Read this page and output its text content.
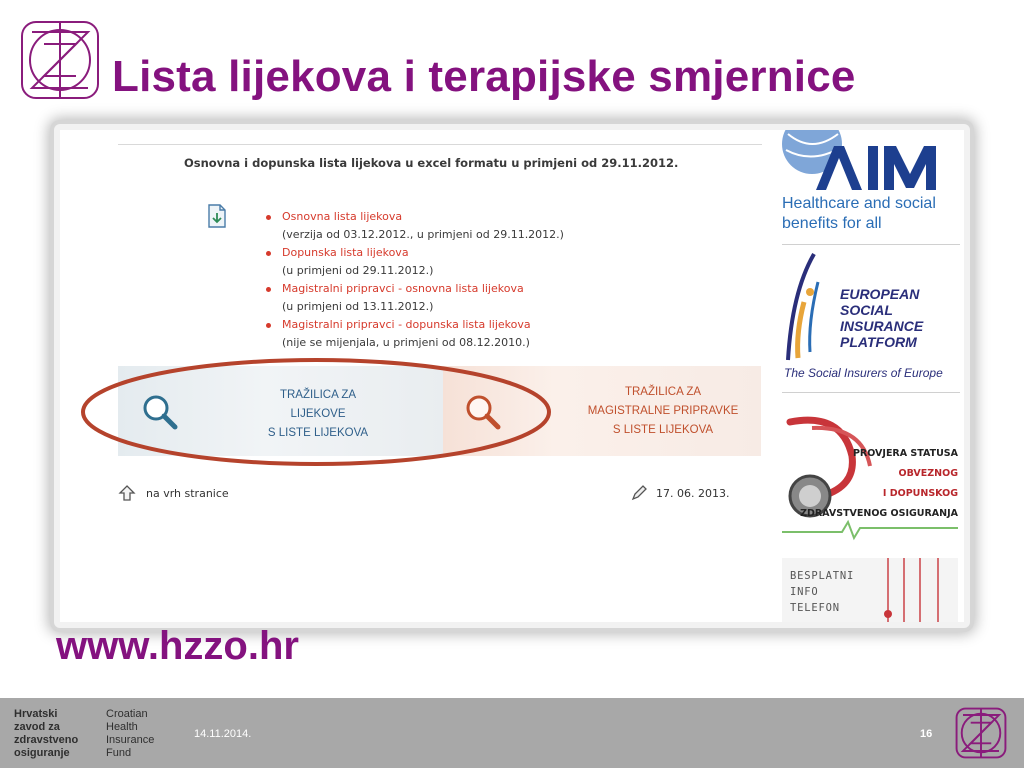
Lista lijekova i terapijske smjernice
Osnovna i dopunska lista lijekova u excel formatu u primjeni od 29.11.2012.
Osnovna lista lijekova
(verzija od 03.12.2012., u primjeni od 29.11.2012.)
Dopunska lista lijekova
(u primjeni od 29.11.2012.)
Magistralni pripravci - osnovna lista lijekova
(u primjeni od 13.11.2012.)
Magistralni pripravci - dopunska lista lijekova
(nije se mijenjala, u primjeni od 08.12.2010.)
TRAŽILICA ZA
LIJEKOVE
S LISTE LIJEKOVA
TRAŽILICA ZA
MAGISTRALNE PRIPRAVKE
S LISTE LIJEKOVA
na vrh stranice	17. 06. 2013.
Healthcare and social benefits for all
EUROPEAN
SOCIAL INSURANCE
PLATFORM
The Social Insurers of Europe
PROVJERA STATUSA
OBVEZNOG
I DOPUNSKOG
ZDRAVSTVENOG OSIGURANJA
BESPLATNI
INFO
TELEFON
www.hzzo.hr
Hrvatski
zavod za
zdravstveno
osiguranje
Croatian
Health
Insurance
Fund
14.11.2014.	16
